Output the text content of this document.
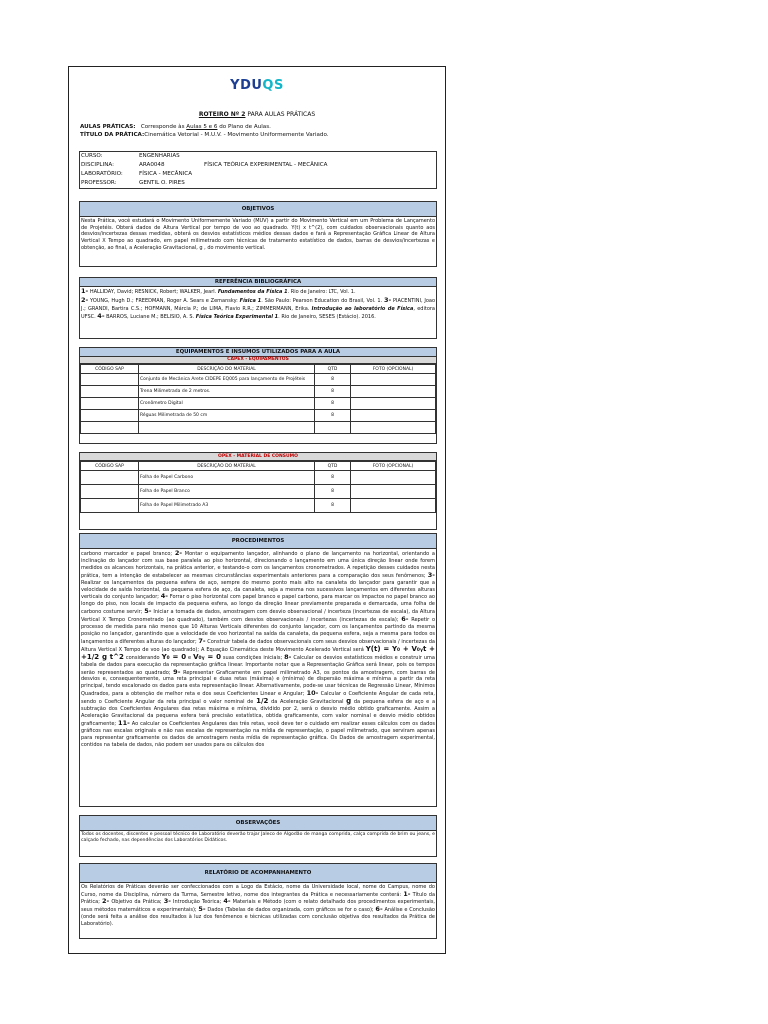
YDUQS
ROTEIRO Nº 2 PARA AULAS PRÁTICAS
AULAS PRÁTICAS: Corresponde às Aulas 5 e 6 do Plano de Aulas.
TÍTULO DA PRÁTICA:Cinemática Vetorial - M.U.V. - Movimento Uniformemente Variado.
CURSO:	ENGENHARIAS
DISCIPLINA:	ARA0048	FÍSICA TEÓRICA EXPERIMENTAL - MECÂNICA
LABORATÓRIO:	FÍSICA - MECÂNICA
PROFESSOR:	GENTIL O. PIRES
OBJETIVOS
Nesta Prática, você estudará o Movimento Uniformemente Variado (MUV) a partir do Movimento Vertical em um Problema de Lançamento de Projetéis. Obterá dados de Altura Vertical por tempo de voo ao quadrado. Y(t) x t^(2), com cuidados observacionais quanto aos desvios/incertezas dessas medidas, obterá os desvios estatísticos médios dessas dados e fará a Representação Gráfica Linear de Altura Vertical X Tempo ao quadrado, em papel milimetrado com técnicas de tratamento estatístico de dados, barras de desvios/incertezas e obtenção, ao final, a Aceleração Gravitacional, g , do movimento vertical.
REFERÊNCIA BIBLIOGRÁFICA
1- HALLIDAY, David; RESNICK, Robert; WALKER, Jearl. Fundamentos da Física 1. Rio de Janeiro: LTC, Vol. 1.
2- YOUNG, Hugh D.; FREEDMAN, Roger A. Sears e Zemansky: Física 1. São Paulo: Pearson Education do Brasil, Vol. 1. 3- PIACENTINI, Joao J.; GRANDI, Bartira C.S.; HOFMANN, Márcia P.; de LIMA, Flavio R.R.; ZIMMERMANN, Erika. Introdução ao laboratório de Física, editora UFSC. 4- BARROS, Luciane M.; BELISIO, A. S. Física Teórica Experimental 1. Rio de Janeiro, SESES (Estácio). 2016.
EQUIPAMENTOS E INSUMOS UTILIZADOS PARA A AULA
CAPEX - EQUIPAMENTOS
CÓDIGO SAP	DESCRIÇÃO DO MATERIAL	QTD	FOTO (OPCIONAL)
	Conjunto de Mecânica Arete CIDEPE EQ005 para lançamento de Projéteis	8	
	Trena Milimetrada de 2 metros.	8	
	Cronômetro Digital	8	
	Réguas Milimetrada de 50 cm	8	

OPEX - MATERIAL DE CONSUMO
CÓDIGO SAP	DESCRIÇÃO DO MATERIAL	QTD	FOTO (OPCIONAL)
	Folha de Papel Carbono	8	
	Folha de Papel Branco	8	
	Folha de Papel Milimetrado A3	8	
PROCEDIMENTOS
carbono marcador e papel branco; 2- Montar o equipamento lançador, alinhando o plano de lançamento na horizontal, orientando a inclinação do lançador com sua base paralela ao piso horizontal, direcionando o lançamento em uma única direção linear onde forem medidos os alcances horizontais, na prática anterior, e testando-o com os lançamentos cronometrados. A repetição desses cuidados nesta prática, tem a intenção de estabelecer as mesmas circunstâncias experimentais anteriores para a comparação dos seus fenômenos; 3- Realizar os lançamentos da pequena esfera de aço, sempre do mesmo ponto mais alto na canaleta do lançador para garantir que a velocidade de saída horizontal, da pequena esfera de aço, da canaleta, seja a mesma nos sucessivos lançamentos em diferentes alturas verticais do conjunto lançador; 4- Forrar o piso horizontal com papel branco e papel carbono, para marcar os impactos no papel branco ao longo do piso, nos locais de impacto da pequena esfera, ao longo da direção linear previamente preparada e demarcada, uma folha de carbono costume servir; 5- Iniciar a tomada de dados, amostragem com desvio observacional / incerteza (incertezas de escala), da Altura Vertical X Tempo Cronometrado (ao quadrado), também com desvios observacionais / incertezas (incertezas de escala); 6- Repetir o processo de medida para não menos que 10 Alturas Verticais diferentes do conjunto lançador, com os lançamentos partindo da mesma posição no lançador, garantindo que a velocidade de voo horizontal na saída da canaleta, da pequena esfera, seja a mesma para todos os lançamentos a diferentes alturas do lançador; 7- Construir tabela de dados observacionais com seus desvios observacionais / incertezas da Altura Vertical X Tempo de voo (ao quadrado); A Equação Cinemática deste Movimento Acelerado Vertical será Y(t) = Y₀ + V₀ᵧt + +1/2 g t^2 considerando Y₀ = 0 e V₀ᵧ = 0 suas condições iniciais; 8- Calcular os desvios estatísticos médios e construir uma tabela de dados para execução da representação gráfica linear. Importante notar que a Representação Gráfica será linear, pois os tempos serão representados ao quadrado; 9- Representar Graficamente em papel milimetrado A3, os pontos da amostragem, com barras de desvios e, consequentemente, uma reta principal e duas retas (máxima) e (mínima) de dispersão máxima e mínima a partir da reta principal, tendo escalonado os dados para esta representação linear. Alternativamente, pode-se usar técnicas de Regressão Linear, Mínimos Quadrados, para a obtenção de melhor reta e dos seus Coeficientes Linear e Angular; 10- Calcular o Coeficiente Angular de cada reta, sendo o Coeficiente Angular da reta principal o valor nominal de 1/2 da Aceleração Gravitacional g da pequena esfera de aço e a subtração dos Coeficientes Angulares das retas máxima e mínima, dividido por 2, será o desvio médio obtido graficamente. Assim a Aceleração Gravitacional da pequena esfera terá precisão estatística, obtida graficamente, com valor nominal e desvio médio obtidos graficamente; 11- Ao calcular os Coeficientes Angulares das três retas, você deve ter o cuidado em realizar esses cálculos com os dados gráficos nas escalas originais e não nas escalas de representação na mídia de representação, o papel milimetrado, que serviram apenas para representar graficamente os dados de amostragem nesta mídia de representação gráfica. Os Dados de amostragem experimental, contidos na tabela de dados, não podem ser usados para os cálculos dos
OBSERVAÇÕES
Todos os docentes, discentes e pessoal técnico de Laboratório deverão trajar Jaleco de Algodão de manga comprida, calça comprida de brim ou jeans, e calçado fechado, nas dependências dos Laboratórios Didáticos.
RELATÓRIO DE ACOMPANHAMENTO
Os Relatórios de Práticas deverão ser confeccionados com a Logo da Estácio, nome da Universidade local, nome do Campus, nome do Curso, nome da Disciplina, número da Turma, Semestre letivo, nome dos integrantes da Prática e necessariamente conterá: 1- Título da Prática; 2- Objetivo da Prática; 3- Introdução Teórica; 4- Materiais e Método (com o relato detalhado dos procedimentos experimentais, seus métodos matemáticos e experimentais); 5- Dados (Tabelas de dados organizada, com gráficos se for o caso); 6- Análise e Conclusão (onde será feita a análise dos resultados à luz dos fenômenos e técnicas utilizadas com conclusão objetiva dos resultados da Prática de Laboratório).
